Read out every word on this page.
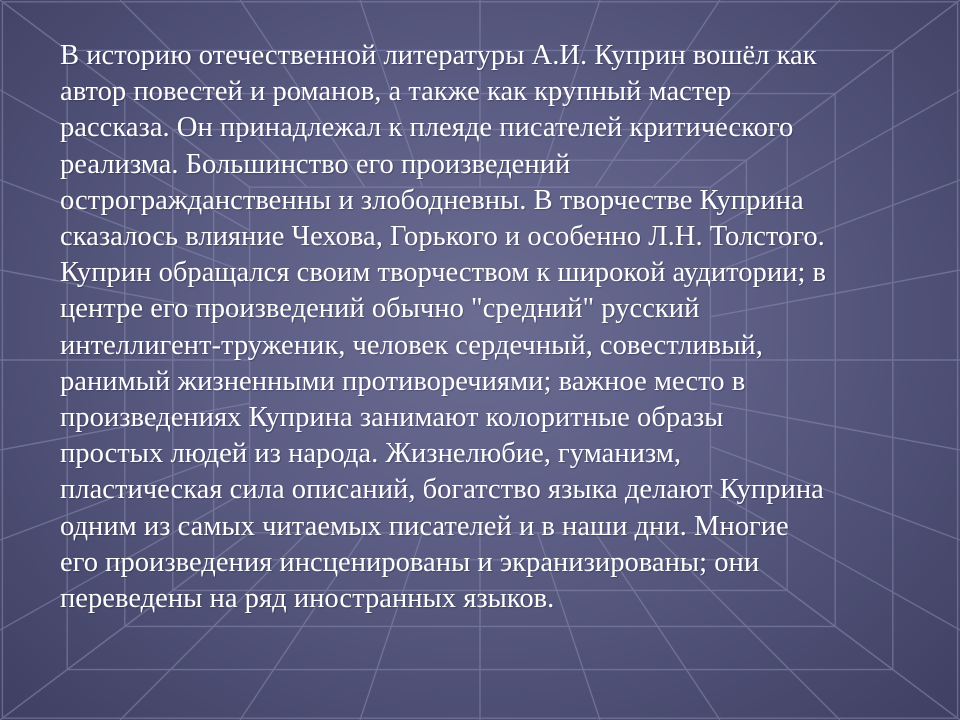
В историю отечественной литературы А.И. Куприн вошёл как
автор повестей и романов, а также как крупный мастер
рассказа. Он принадлежал к плеяде писателей критического
реализма. Большинство его произведений
острогражданственны и злободневны. В творчестве Куприна
сказалось влияние Чехова, Горького и особенно Л.Н. Толстого.
Куприн обращался своим творчеством к широкой аудитории; в
центре его произведений обычно "средний" русский
интеллигент-труженик, человек сердечный, совестливый,
ранимый жизненными противоречиями; важное место в
произведениях Куприна занимают колоритные образы
простых людей из народа. Жизнелюбие, гуманизм,
пластическая сила описаний, богатство языка делают Куприна
одним из самых читаемых писателей и в наши дни. Многие
его произведения инсценированы и экранизированы; они
переведены на ряд иностранных языков.
